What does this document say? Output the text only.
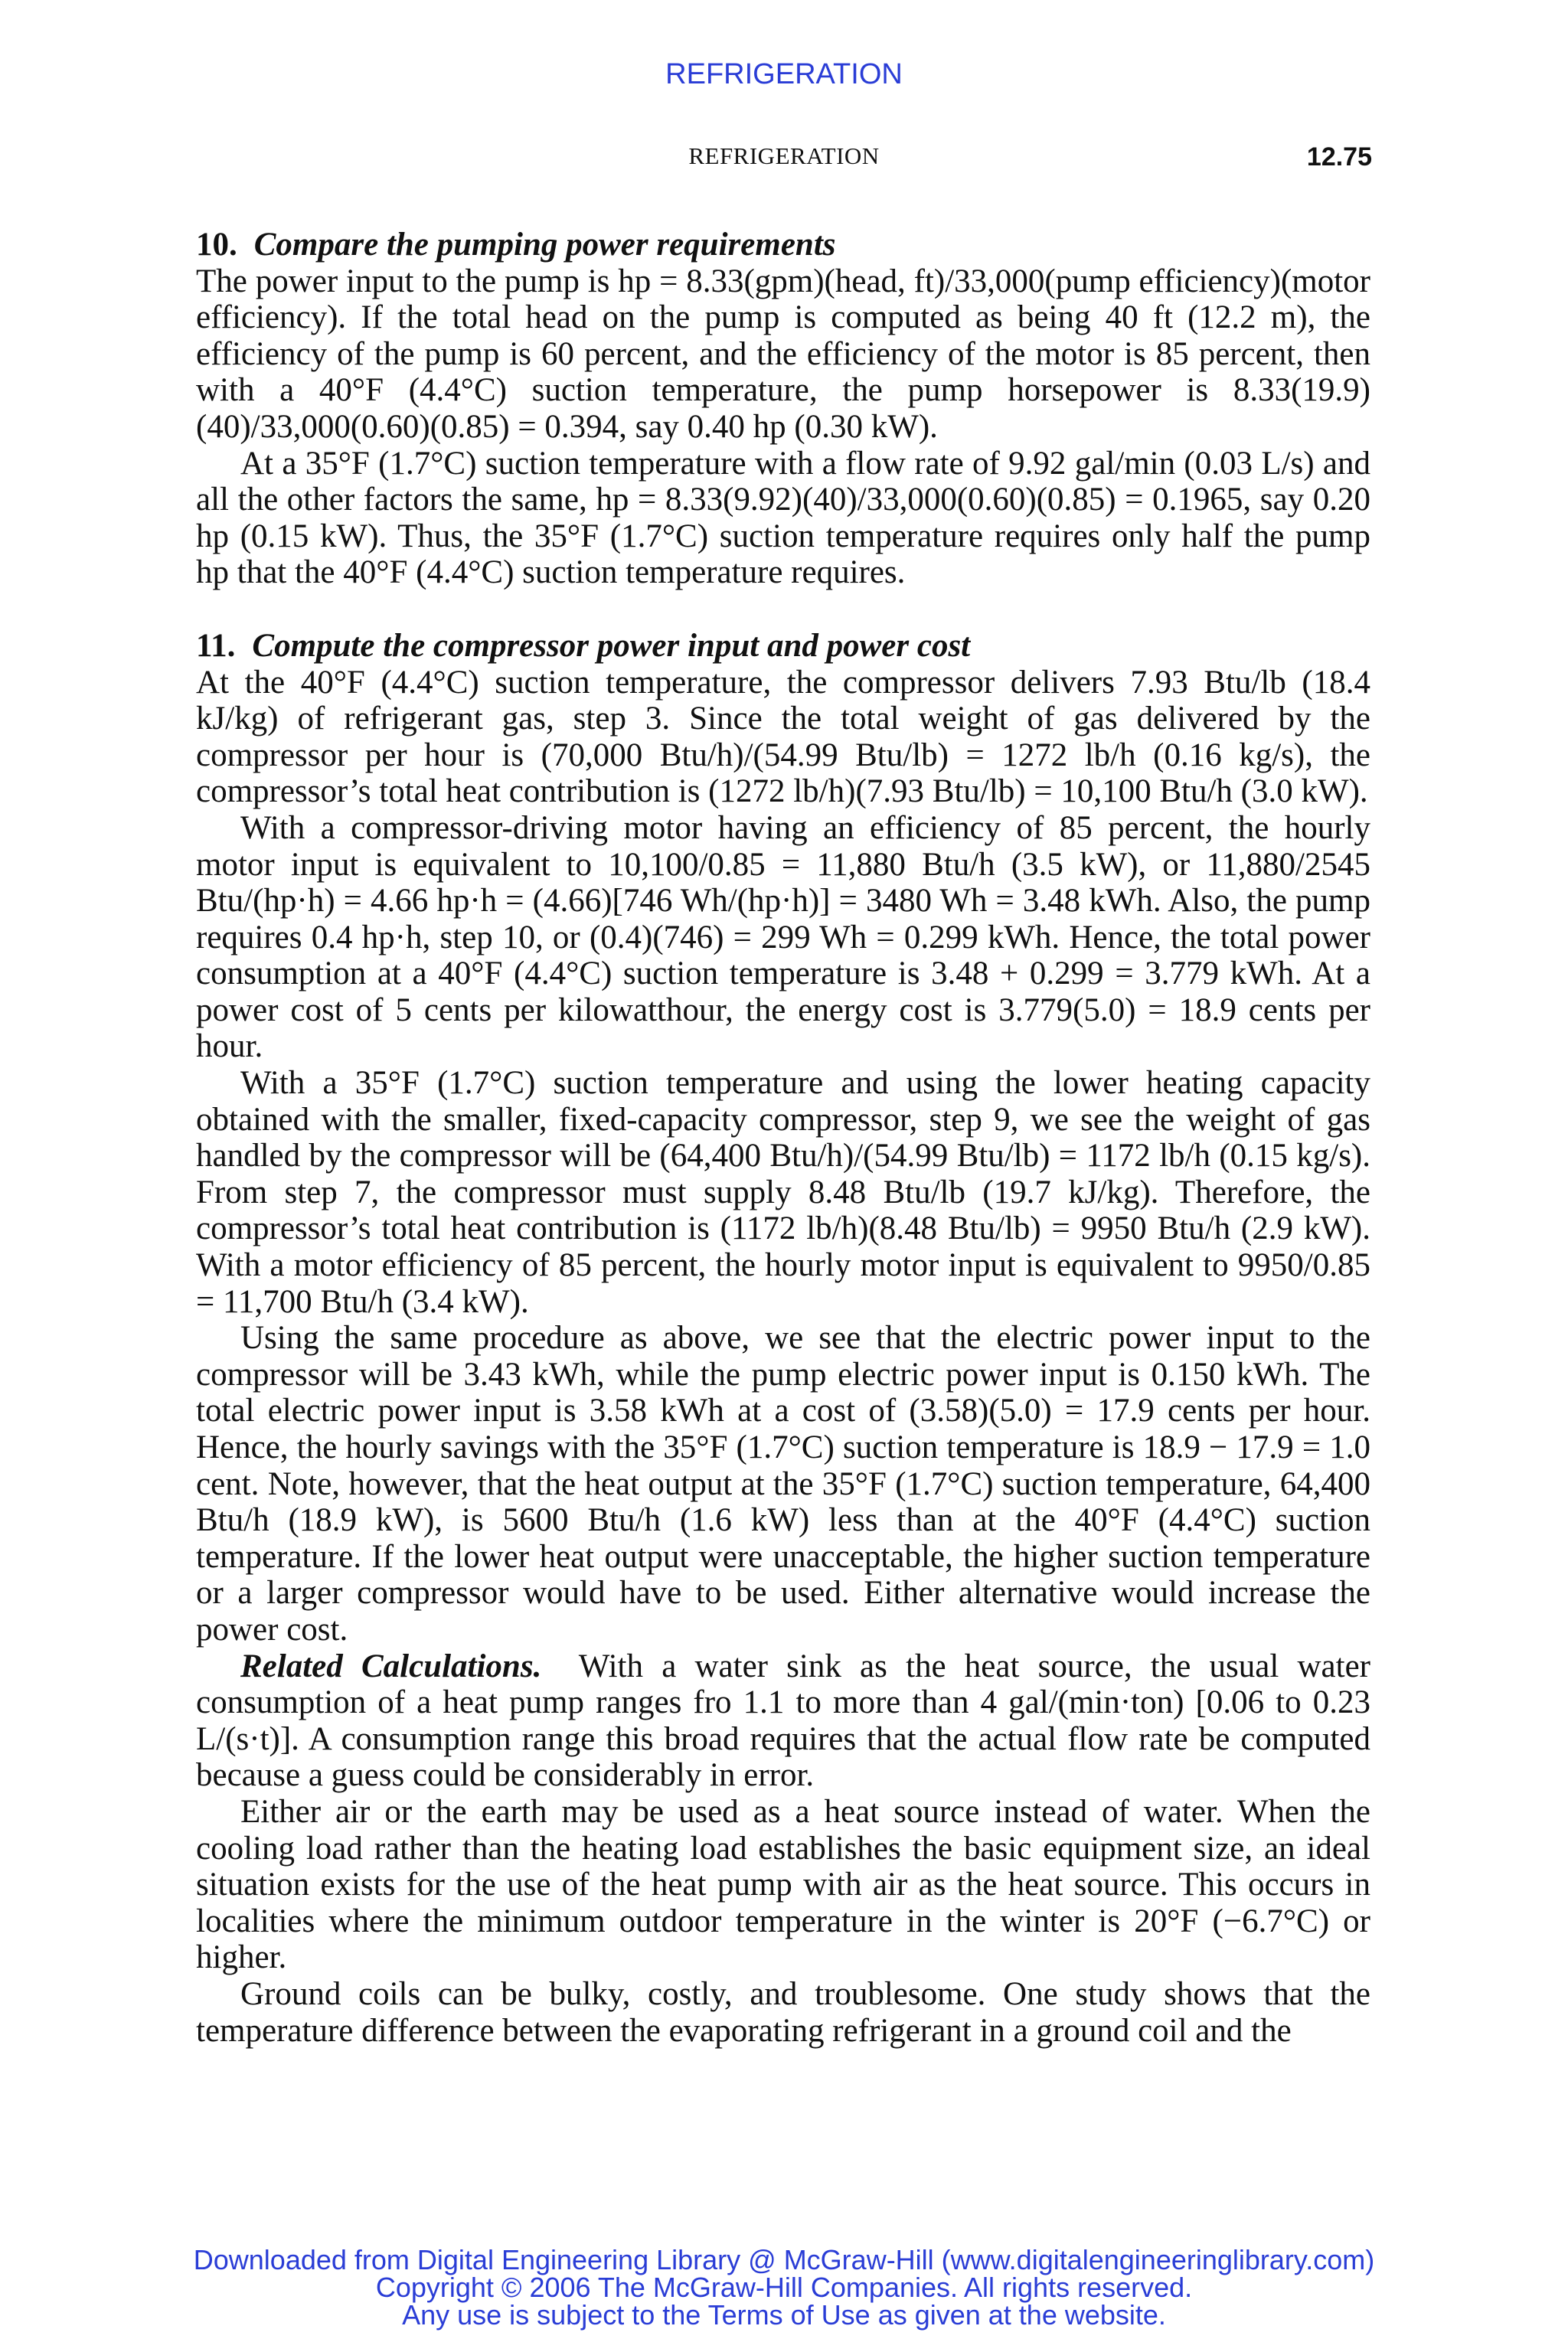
REFRIGERATION
REFRIGERATION	12.75
10. Compare the pumping power requirements

The power input to the pump is hp = 8.33(gpm)(head, ft)/33,000(pump efficiency)(motor efficiency). If the total head on the pump is computed as being 40 ft (12.2 m), the efficiency of the pump is 60 percent, and the efficiency of the motor is 85 percent, then with a 40°F (4.4°C) suction temperature, the pump horsepower is 8.33(19.9)(40)/33,000(0.60)(0.85) = 0.394, say 0.40 hp (0.30 kW).

At a 35°F (1.7°C) suction temperature with a flow rate of 9.92 gal/min (0.03 L/s) and all the other factors the same, hp = 8.33(9.92)(40)/33,000(0.60)(0.85) = 0.1965, say 0.20 hp (0.15 kW). Thus, the 35°F (1.7°C) suction temperature requires only half the pump hp that the 40°F (4.4°C) suction temperature requires.

11. Compute the compressor power input and power cost

At the 40°F (4.4°C) suction temperature, the compressor delivers 7.93 Btu/lb (18.4 kJ/kg) of refrigerant gas, step 3. Since the total weight of gas delivered by the compressor per hour is (70,000 Btu/h)/(54.99 Btu/lb) = 1272 lb/h (0.16 kg/s), the compressor’s total heat contribution is (1272 lb/h)(7.93 Btu/lb) = 10,100 Btu/h (3.0 kW).

With a compressor-driving motor having an efficiency of 85 percent, the hourly motor input is equivalent to 10,100/0.85 = 11,880 Btu/h (3.5 kW), or 11,880/2545 Btu/(hp·h) = 4.66 hp·h = (4.66)[746 Wh/(hp·h)] = 3480 Wh = 3.48 kWh. Also, the pump requires 0.4 hp·h, step 10, or (0.4)(746) = 299 Wh = 0.299 kWh. Hence, the total power consumption at a 40°F (4.4°C) suction temperature is 3.48 + 0.299 = 3.779 kWh. At a power cost of 5 cents per kilowatthour, the energy cost is 3.779(5.0) = 18.9 cents per hour.

With a 35°F (1.7°C) suction temperature and using the lower heating capacity obtained with the smaller, fixed-capacity compressor, step 9, we see the weight of gas handled by the compressor will be (64,400 Btu/h)/(54.99 Btu/lb) = 1172 lb/h (0.15 kg/s). From step 7, the compressor must supply 8.48 Btu/lb (19.7 kJ/kg). Therefore, the compressor’s total heat contribution is (1172 lb/h)(8.48 Btu/lb) = 9950 Btu/h (2.9 kW). With a motor efficiency of 85 percent, the hourly motor input is equivalent to 9950/0.85 = 11,700 Btu/h (3.4 kW).

Using the same procedure as above, we see that the electric power input to the compressor will be 3.43 kWh, while the pump electric power input is 0.150 kWh. The total electric power input is 3.58 kWh at a cost of (3.58)(5.0) = 17.9 cents per hour. Hence, the hourly savings with the 35°F (1.7°C) suction temperature is 18.9 − 17.9 = 1.0 cent. Note, however, that the heat output at the 35°F (1.7°C) suction temperature, 64,400 Btu/h (18.9 kW), is 5600 Btu/h (1.6 kW) less than at the 40°F (4.4°C) suction temperature. If the lower heat output were unacceptable, the higher suction temperature or a larger compressor would have to be used. Either alternative would increase the power cost.

Related Calculations. With a water sink as the heat source, the usual water consumption of a heat pump ranges fro 1.1 to more than 4 gal/(min·ton) [0.06 to 0.23 L/(s·t)]. A consumption range this broad requires that the actual flow rate be computed because a guess could be considerably in error.

Either air or the earth may be used as a heat source instead of water. When the cooling load rather than the heating load establishes the basic equipment size, an ideal situation exists for the use of the heat pump with air as the heat source. This occurs in localities where the minimum outdoor temperature in the winter is 20°F (−6.7°C) or higher.

Ground coils can be bulky, costly, and troublesome. One study shows that the temperature difference between the evaporating refrigerant in a ground coil and the

Downloaded from Digital Engineering Library @ McGraw-Hill (www.digitalengineeringlibrary.com)
Copyright © 2006 The McGraw-Hill Companies. All rights reserved.
Any use is subject to the Terms of Use as given at the website.
